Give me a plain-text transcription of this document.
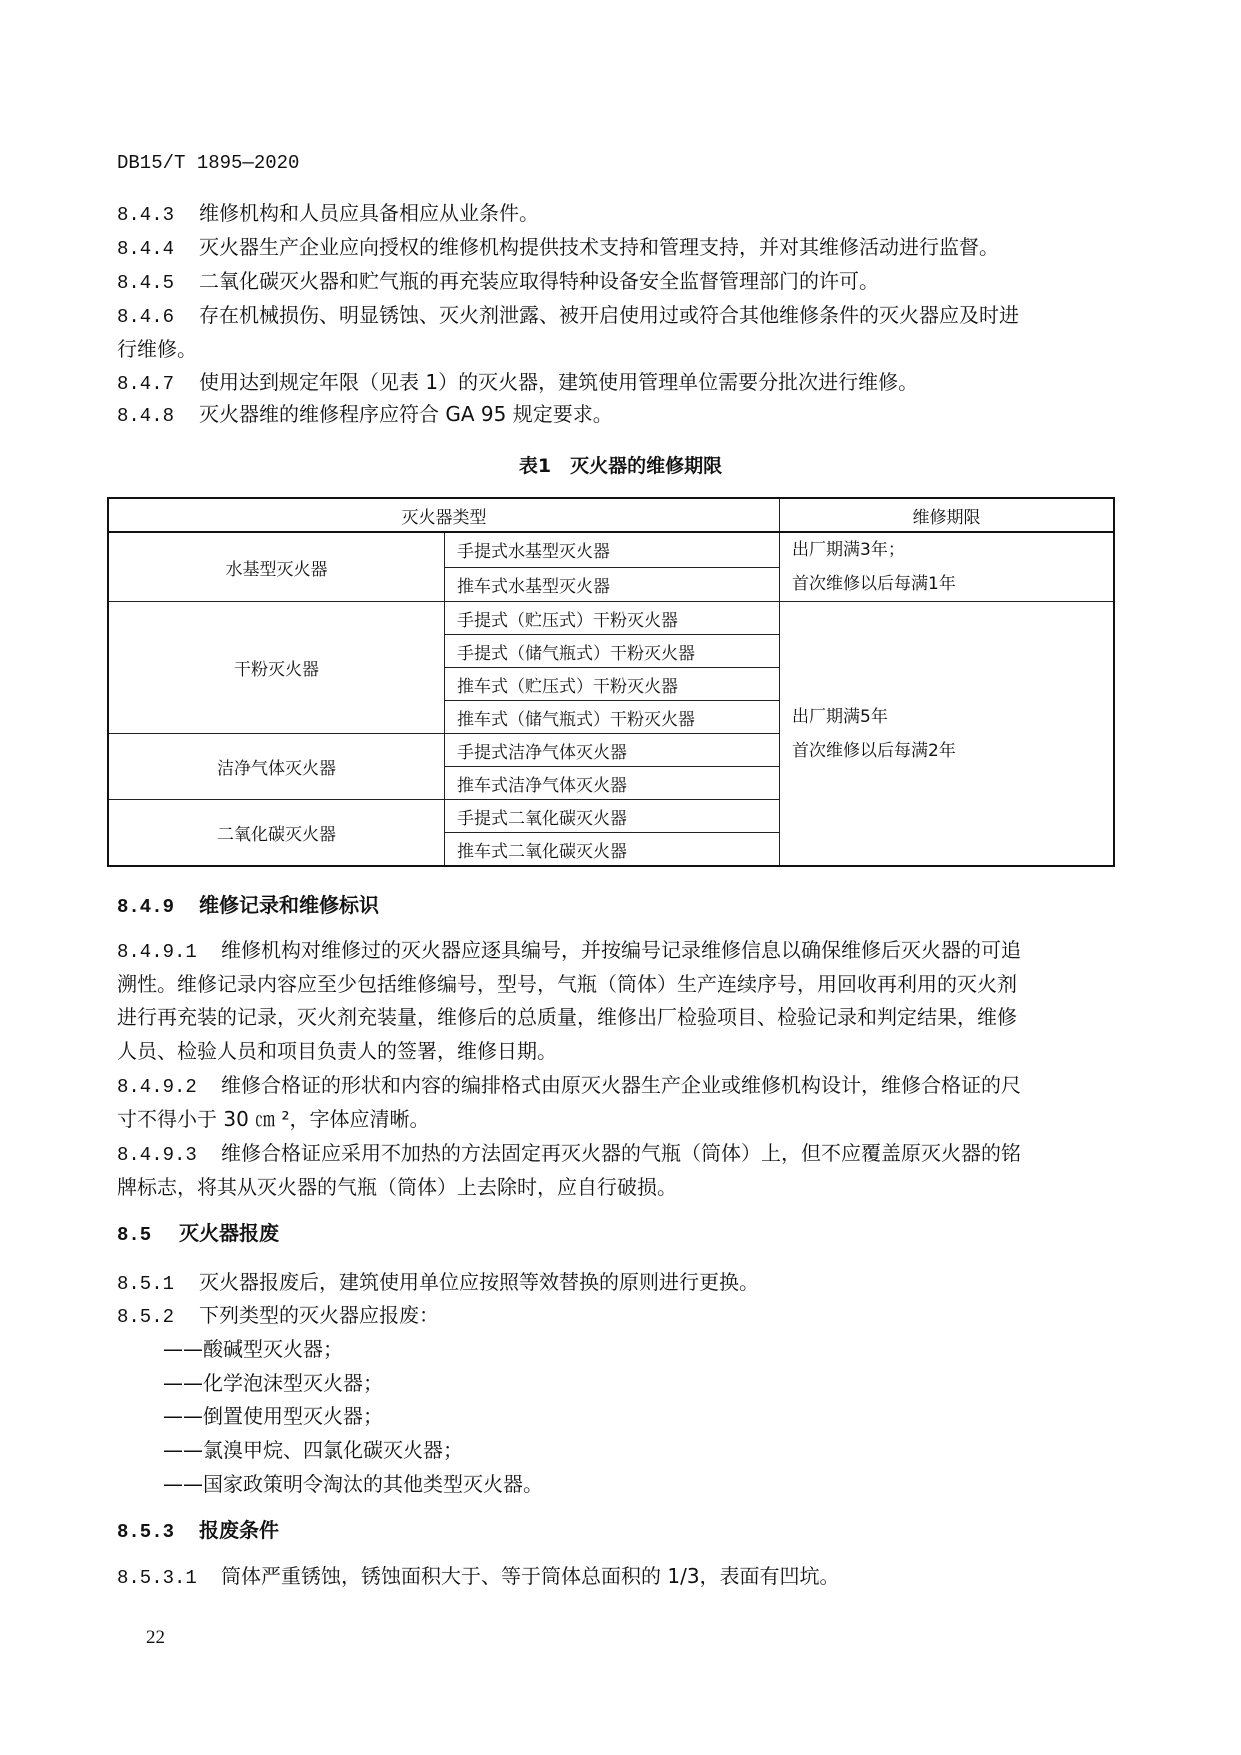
DB15/T 1895—2020
8.4.3 维修机构和人员应具备相应从业条件。
8.4.4 灭火器生产企业应向授权的维修机构提供技术支持和管理支持，并对其维修活动进行监督。
8.4.5 二氧化碳灭火器和贮气瓶的再充装应取得特种设备安全监督管理部门的许可。
8.4.6 存在机械损伤、明显锈蚀、灭火剂泄露、被开启使用过或符合其他维修条件的灭火器应及时进
行维修。
8.4.7 使用达到规定年限（见表 1）的灭火器，建筑使用管理单位需要分批次进行维修。
8.4.8 灭火器维的维修程序应符合 GA 95 规定要求。
表1　灭火器的维修期限
灭火器类型		维修期限
水基型灭火器	手提式水基型灭火器	出厂期满3年；
首次维修以后每满1年

	推车式水基型灭火器	
干粉灭火器	手提式（贮压式）干粉灭火器	出厂期满5年
首次维修以后每满2年

	手提式（储气瓶式）干粉灭火器	
	推车式（贮压式）干粉灭火器	
	推车式（储气瓶式）干粉灭火器	
洁净气体灭火器	手提式洁净气体灭火器	
	推车式洁净气体灭火器	
二氧化碳灭火器	手提式二氧化碳灭火器	
	推车式二氧化碳灭火器	
8.4.9 维修记录和维修标识
8.4.9.1 维修机构对维修过的灭火器应逐具编号，并按编号记录维修信息以确保维修后灭火器的可追
溯性。维修记录内容应至少包括维修编号，型号，气瓶（筒体）生产连续序号，用回收再利用的灭火剂
进行再充装的记录，灭火剂充装量，维修后的总质量，维修出厂检验项目、检验记录和判定结果，维修
人员、检验人员和项目负责人的签署，维修日期。
8.4.9.2 维修合格证的形状和内容的编排格式由原灭火器生产企业或维修机构设计，维修合格证的尺
寸不得小于 30 ㎝ ²，字体应清晰。
8.4.9.3 维修合格证应采用不加热的方法固定再灭火器的气瓶（筒体）上，但不应覆盖原灭火器的铭
牌标志，将其从灭火器的气瓶（筒体）上去除时，应自行破损。
8.5 灭火器报废
8.5.1 灭火器报废后，建筑使用单位应按照等效替换的原则进行更换。
8.5.2 下列类型的灭火器应报废：
——酸碱型灭火器；
——化学泡沫型灭火器；
——倒置使用型灭火器；
——氯溴甲烷、四氯化碳灭火器；
——国家政策明令淘汰的其他类型灭火器。
8.5.3 报废条件
8.5.3.1 筒体严重锈蚀，锈蚀面积大于、等于筒体总面积的 1/3，表面有凹坑。
22
